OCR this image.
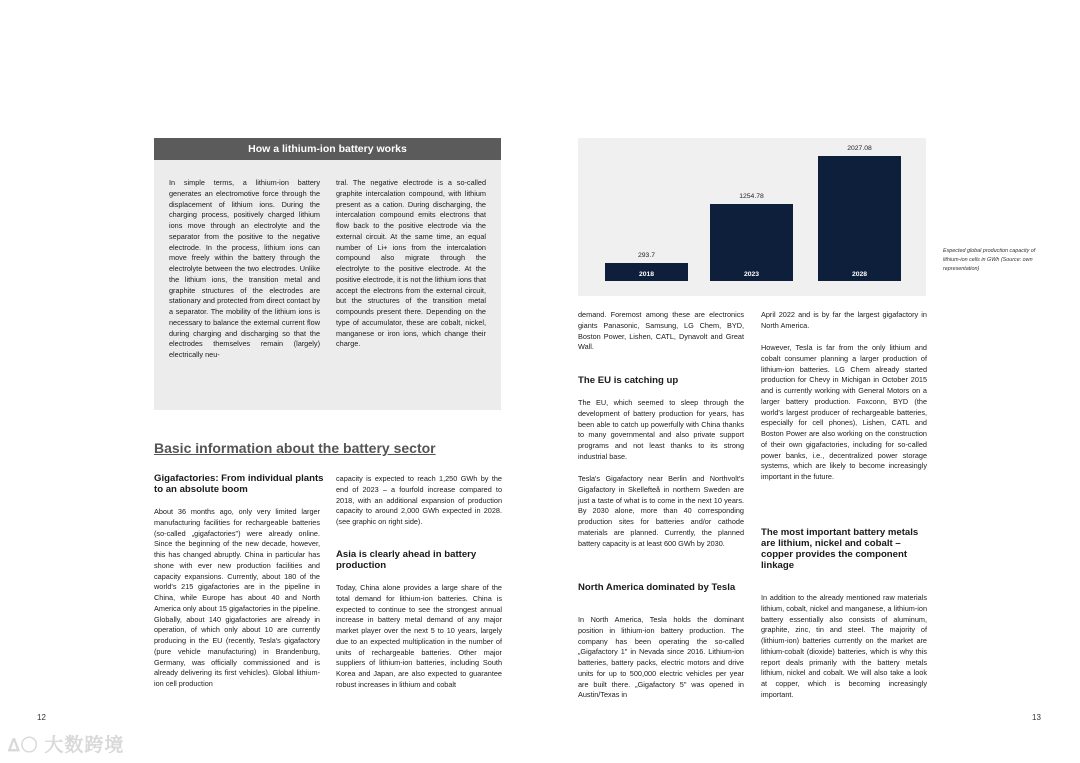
How a lithium-ion battery works
In simple terms, a lithium-ion battery generates an electromotive force through the displacement of lithium ions. During the charging process, positively charged lithium ions move through an electrolyte and the separator from the positive to the negative electrode. In the process, lithium ions can move freely within the battery through the electrolyte between the two electrodes. Unlike the lithium ions, the transition metal and graphite structures of the electrodes are stationary and protected from direct contact by a separator. The mobility of the lithium ions is necessary to balance the external current flow during charging and discharging so that the electrodes themselves remain (largely) electrically neu-
tral. The negative electrode is a so-called graphite intercalation compound, with lithium present as a cation. During discharging, the intercalation compound emits electrons that flow back to the positive electrode via the external circuit. At the same time, an equal number of Li+ ions from the intercalation compound also migrate through the electrolyte to the positive electrode. At the positive electrode, it is not the lithium ions that accept the electrons from the external circuit, but the structures of the transition metal compounds present there. Depending on the type of accumulator, these are cobalt, nickel, manganese or iron ions, which change their charge.
Basic information about the battery sector
Gigafactories: From individual plants to an absolute boom
About 36 months ago, only very limited larger manufacturing facilities for rechargeable batteries (so-called „gigafactories") were already online. Since the beginning of the new decade, however, this has changed abruptly. China in particular has shone with ever new production facilities and capacity expansions. Currently, about 180 of the world's 215 gigafactories are in the pipeline in China, while Europe has about 40 and North America only about 15 gigafactories in the pipeline. Globally, about 140 gigafactories are already in operation, of which only about 10 are currently producing in the EU (recently, Tesla's gigafactory (pure vehicle manufacturing) in Brandenburg, Germany, was officially commissioned and is already delivering its first vehicles). Global lithium-ion cell production
capacity is expected to reach 1,250 GWh by the end of 2023 – a fourfold increase compared to 2018, with an additional expansion of production capacity to around 2,000 GWh expected in 2028. (see graphic on right side).
Asia is clearly ahead in battery production
Today, China alone provides a large share of the total demand for lithium-ion batteries. China is expected to continue to see the strongest annual increase in battery metal demand of any major market player over the next 5 to 10 years, largely due to an expected multiplication in the number of units of rechargeable batteries. Other major suppliers of lithium-ion batteries, including South Korea and Japan, are also expected to guarantee robust increases in lithium and cobalt
12
293.7
2018
1254.78
2023
2027.08
2028
Expected global production capacity of lithium-ion cells in GWh (Source: own representation)
demand. Foremost among these are electronics giants Panasonic, Samsung, LG Chem, BYD, Boston Power, Lishen, CATL, Dynavolt and Great Wall.
The EU is catching up
The EU, which seemed to sleep through the development of battery production for years, has been able to catch up powerfully with China thanks to many governmental and also private support programs and not least thanks to its strong industrial base.
Tesla's Gigafactory near Berlin and Northvolt's Gigafactory in Skellefteå in northern Sweden are just a taste of what is to come in the next 10 years. By 2030 alone, more than 40 corresponding production sites for batteries and/or cathode materials are planned. Currently, the planned battery capacity is at least 600 GWh by 2030.
North America dominated by Tesla
In North America, Tesla holds the dominant position in lithium-ion battery production. The company has been operating the so-called „Gigafactory 1" in Nevada since 2016. Lithium-ion batteries, battery packs, electric motors and drive units for up to 500,000 electric vehicles per year are built there. „Gigafactory 5" was opened in Austin/Texas in
April 2022 and is by far the largest gigafactory in North America.
However, Tesla is far from the only lithium and cobalt consumer planning a larger production of lithium-ion batteries. LG Chem already started production for Chevy in Michigan in October 2015 and is currently working with General Motors on a larger battery production. Foxconn, BYD (the world's largest producer of rechargeable batteries, especially for cell phones), Lishen, CATL and Boston Power are also working on the construction of their own gigafactories, including for so-called power banks, i.e., decentralized power storage systems, which are likely to become increasingly important in the future.
The most important battery metals are lithium, nickel and cobalt – copper provides the component linkage
In addition to the already mentioned raw materials lithium, cobalt, nickel and manganese, a lithium-ion battery essentially also consists of aluminum, graphite, zinc, tin and steel. The majority of (lithium-ion) batteries currently on the market are lithium-cobalt (dioxide) batteries, which is why this report deals primarily with the battery metals lithium, nickel and cobalt. We will also take a look at copper, which is becoming increasingly important.
13
ᐃ〇 大数跨境
